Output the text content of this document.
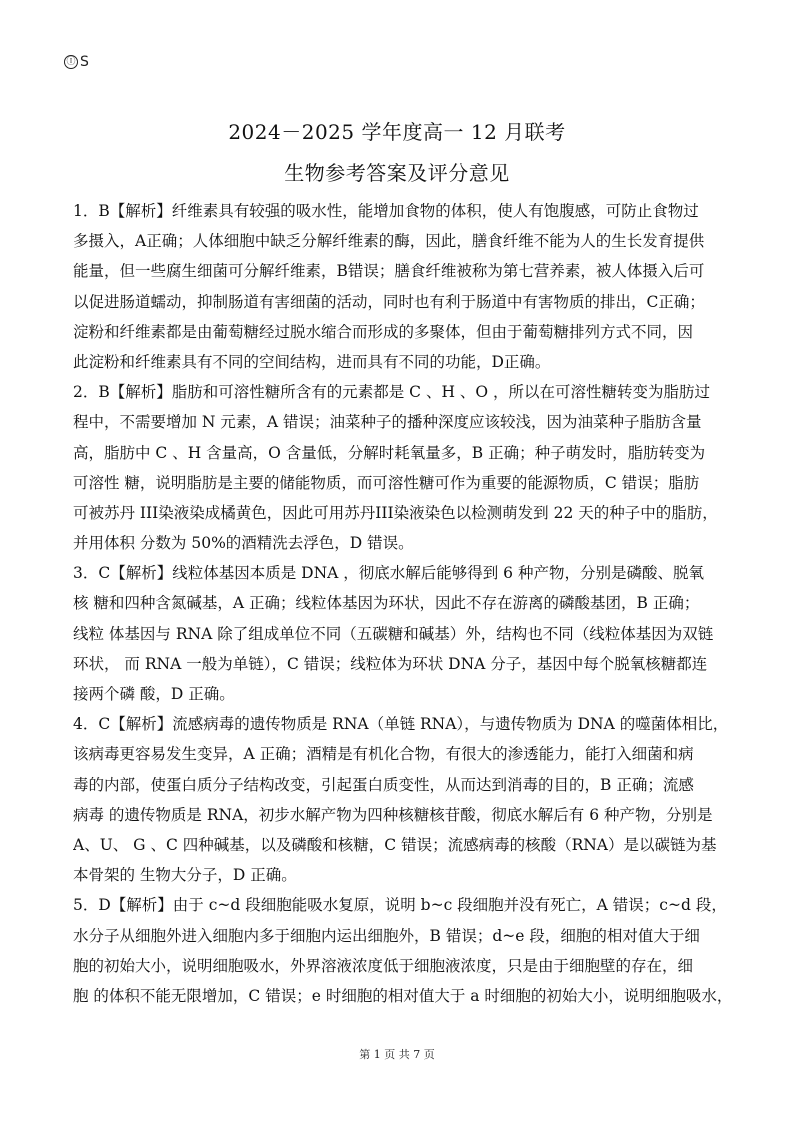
Ⓘ S
2024－2025 学年度高一 12 月联考
生物参考答案及评分意见
1．B【解析】纤维素具有较强的吸水性，能增加食物的体积，使人有饱腹感，可防止食物过
多摄入，A正确；人体细胞中缺乏分解纤维素的酶，因此，膳食纤维不能为人的生长发育提供
能量，但一些腐生细菌可分解纤维素，B错误；膳食纤维被称为第七营养素，被人体摄入后可
以促进肠道蠕动，抑制肠道有害细菌的活动，同时也有利于肠道中有害物质的排出，C正确；
淀粉和纤维素都是由葡萄糖经过脱水缩合而形成的多聚体，但由于葡萄糖排列方式不同，因
此淀粉和纤维素具有不同的空间结构，进而具有不同的功能，D正确。
2．B【解析】脂肪和可溶性糖所含有的元素都是 C 、H 、O ，所以在可溶性糖转变为脂肪过
程中，不需要增加 N 元素，A 错误；油菜种子的播种深度应该较浅，因为油菜种子脂肪含量
高，脂肪中 C 、H 含量高，O 含量低，分解时耗氧量多，B 正确；种子萌发时，脂肪转变为
可溶性 糖，说明脂肪是主要的储能物质，而可溶性糖可作为重要的能源物质，C 错误；脂肪
可被苏丹 III染液染成橘黄色，因此可用苏丹III染液染色以检测萌发到 22 天的种子中的脂肪，
并用体积 分数为 50%的酒精洗去浮色，D 错误。
3．C【解析】线粒体基因本质是 DNA ，彻底水解后能够得到 6 种产物，分别是磷酸、脱氧
核 糖和四种含氮碱基，A 正确；线粒体基因为环状，因此不存在游离的磷酸基团，B 正确；
线粒 体基因与 RNA 除了组成单位不同（五碳糖和碱基）外，结构也不同（线粒体基因为双链
环状， 而 RNA 一般为单链），C 错误；线粒体为环状 DNA 分子，基因中每个脱氧核糖都连
接两个磷 酸，D 正确。
4．C【解析】流感病毒的遗传物质是 RNA（单链 RNA），与遗传物质为 DNA 的噬菌体相比，
该病毒更容易发生变异，A 正确；酒精是有机化合物，有很大的渗透能力，能打入细菌和病
毒的内部，使蛋白质分子结构改变，引起蛋白质变性，从而达到消毒的目的，B 正确；流感
病毒 的遗传物质是 RNA，初步水解产物为四种核糖核苷酸，彻底水解后有 6 种产物，分别是
A、U、 G 、C 四种碱基，以及磷酸和核糖，C 错误；流感病毒的核酸（RNA）是以碳链为基
本骨架的 生物大分子，D 正确。
5．D【解析】由于 c~d 段细胞能吸水复原，说明 b~c 段细胞并没有死亡，A 错误；c~d 段，
水分子从细胞外进入细胞内多于细胞内运出细胞外，B 错误；d~e 段，细胞的相对值大于细
胞的初始大小，说明细胞吸水，外界溶液浓度低于细胞液浓度，只是由于细胞壁的存在，细
胞 的体积不能无限增加，C 错误；e 时细胞的相对值大于 a 时细胞的初始大小，说明细胞吸水，
第 1 页 共 7 页
